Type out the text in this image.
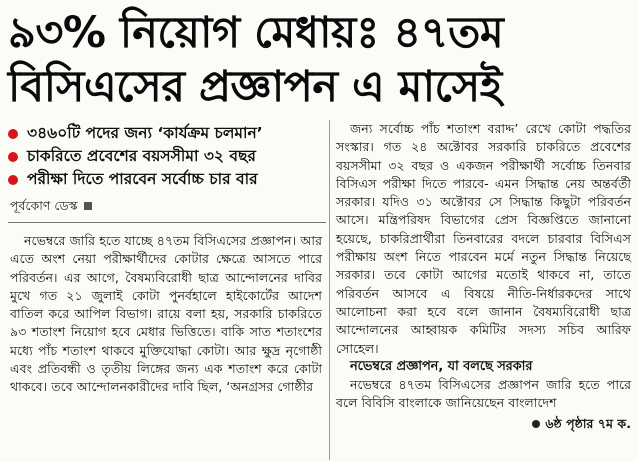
৯৩% নিয়োগ মেধায়ঃ ৪৭তম
বিসিএসের প্রজ্ঞাপন এ মাসেই
৩৪৬০টি পদের জন্য ‘কার্যক্রম চলমান’
চাকরিতে প্রবেশের বয়সসীমা ৩২ বছর
পরীক্ষা দিতে পারবেন সর্বোচ্চ চার বার
পূর্বকোণ ডেস্ক

নভেম্বরে জারি হতে যাচ্ছে ৪৭তম বিসিএসের প্রজ্ঞাপন। আর এতে অংশ নেয়া পরীক্ষার্থীদের কোটার ক্ষেত্রে আসতে পারে পরিবর্তন। এর আগে, বৈষম্যবিরোধী ছাত্র আন্দোলনের দাবির মুখে গত ২১ জুলাই কোটা পুনর্বহালে হাইকোর্টের আদেশ বাতিল করে আপিল বিভাগ। রায়ে বলা হয়, সরকারি চাকরিতে ৯৩ শতাংশ নিয়োগ হবে মেধার ভিত্তিতে। বাকি সাত শতাংশের মধ্যে পাঁচ শতাংশ থাকবে মুক্তিযোদ্ধা কোটা। আর ক্ষুদ্র নৃগোষ্ঠী এবং প্রতিবন্ধী ও তৃতীয় লিঙ্গের জন্য এক শতাংশ করে কোটা থাকবে। তবে আন্দোলনকারীদের দাবি ছিল, ‘অনগ্রসর গোষ্ঠীর

জন্য সর্বোচ্চ পাঁচ শতাংশ বরাদ্দ’ রেখে কোটা পদ্ধতির সংস্কার। গত ২৪ অক্টোবর সরকারি চাকরিতে প্রবেশের বয়সসীমা ৩২ বছর ও একজন পরীক্ষার্থী সর্বোচ্চ তিনবার বিসিএস পরীক্ষা দিতে পারবে- এমন সিদ্ধান্ত নেয় অন্তর্বর্তী সরকার। যদিও ৩১ অক্টোবর সে সিদ্ধান্ত কিছুটা পরিবর্তন আসে। মন্ত্রিপরিষদ বিভাগের প্রেস বিজ্ঞপ্তিতে জানানো হয়েছে, চাকরিপ্রার্থীরা তিনবারের বদলে চারবার বিসিএস পরীক্ষায় অংশ নিতে পারবেন মর্মে নতুন সিদ্ধান্ত নিয়েছে সরকার। তবে কোটা আগের মতোই থাকবে না, তাতে পরিবর্তন আসবে এ বিষয়ে নীতি-নির্ধারকদের সাথে আলোচনা করা হবে বলে জানান বৈষম্যবিরোধী ছাত্র আন্দোলনের আহ্বায়ক কমিটির সদস্য সচিব আরিফ সোহেল।

নভেম্বরে প্রজ্ঞাপন, যা বলছে সরকার

নভেম্বরে ৪৭তম বিসিএসের প্রজ্ঞাপন জারি হতে পারে বলে বিবিসি বাংলাকে জানিয়েছেন বাংলাদেশ

৬ষ্ঠ পৃষ্ঠার ৭ম ক.
